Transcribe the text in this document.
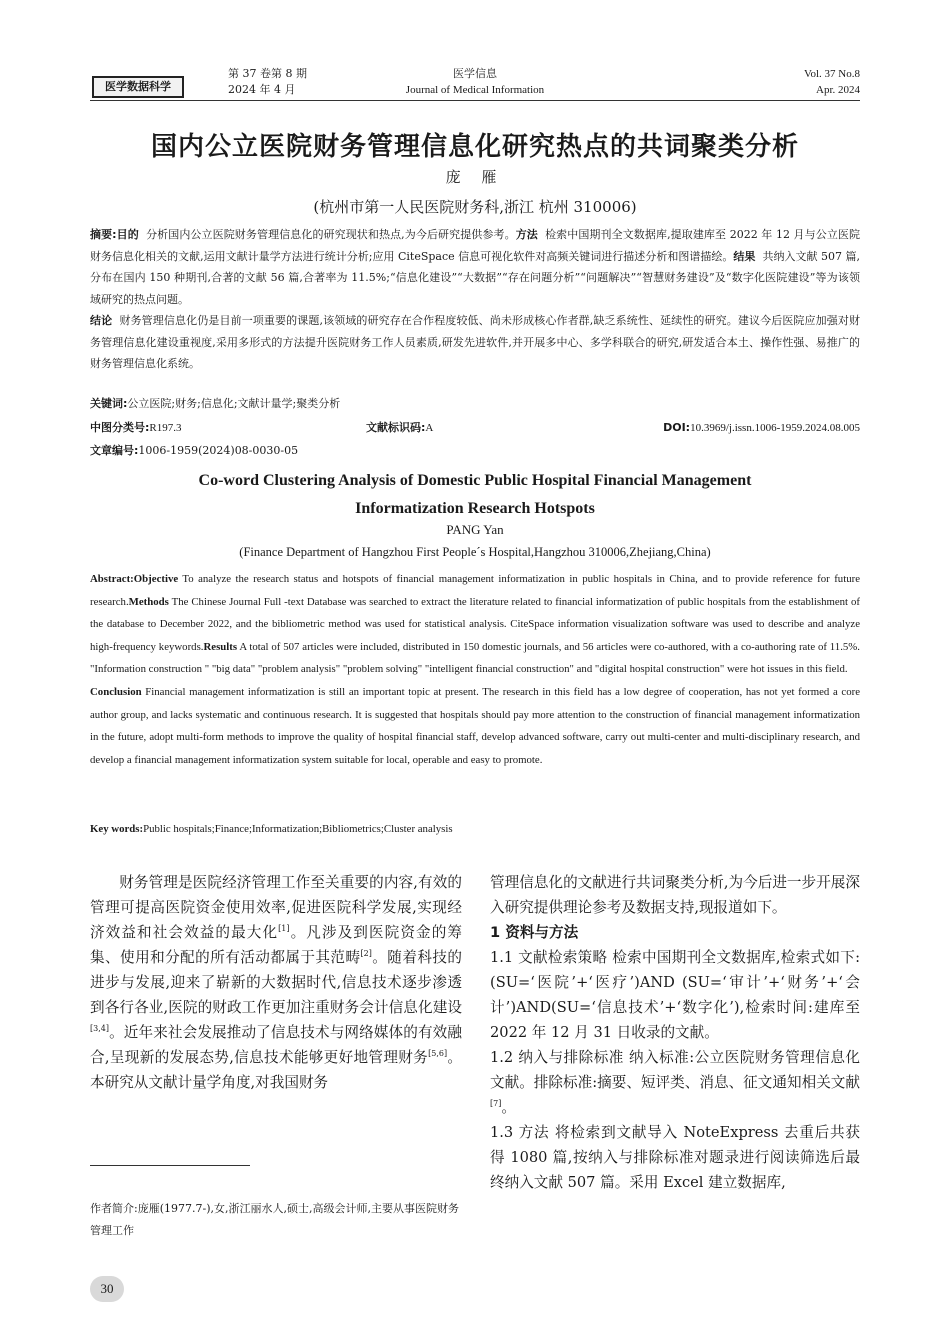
医学数据科学
第 37 卷第 8 期
2024 年 4 月
医学信息
Journal of Medical Information
Vol. 37 No.8
Apr. 2024
国内公立医院财务管理信息化研究热点的共词聚类分析
庞 雁
(杭州市第一人民医院财务科,浙江 杭州 310006)
摘要:目的 分析国内公立医院财务管理信息化的研究现状和热点,为今后研究提供参考。方法 检索中国期刊全文数据库,提取建库至 2022 年 12 月与公立医院财务信息化相关的文献,运用文献计量学方法进行统计分析;应用 CiteSpace 信息可视化软件对高频关键词进行描述分析和图谱描绘。结果 共纳入文献 507 篇,分布在国内 150 种期刊,合著的文献 56 篇,合著率为 11.5%;“信息化建设”“大数据”“存在问题分析”“问题解决”“智慧财务建设”及“数字化医院建设”等为该领域研究的热点问题。
结论 财务管理信息化仍是目前一项重要的课题,该领域的研究存在合作程度较低、尚未形成核心作者群,缺乏系统性、延续性的研究。建议今后医院应加强对财务管理信息化建设重视度,采用多形式的方法提升医院财务工作人员素质,研发先进软件,并开展多中心、多学科联合的研究,研发适合本土、操作性强、易推广的财务管理信息化系统。
关键词:公立医院;财务;信息化;文献计量学;聚类分析
中图分类号:R197.3	文献标识码:A	DOI:10.3969/j.issn.1006-1959.2024.08.005
文章编号:1006-1959(2024)08-0030-05
Co-word Clustering Analysis of Domestic Public Hospital Financial Management
Informatization Research Hotspots
PANG Yan
(Finance Department of Hangzhou First People´s Hospital,Hangzhou 310006,Zhejiang,China)
Abstract:Objective To analyze the research status and hotspots of financial management informatization in public hospitals in China, and to provide reference for future research.Methods The Chinese Journal Full -text Database was searched to extract the literature related to financial informatization of public hospitals from the establishment of the database to December 2022, and the bibliometric method was used for statistical analysis. CiteSpace information visualization software was used to describe and analyze high-frequency keywords.Results A total of 507 articles were included, distributed in 150 domestic journals, and 56 articles were co-authored, with a co-authoring rate of 11.5%. "Information construction " "big data" "problem analysis" "problem solving" "intelligent financial construction" and "digital hospital construction" were hot issues in this field.
Conclusion Financial management informatization is still an important topic at present. The research in this field has a low degree of cooperation, has not yet formed a core author group, and lacks systematic and continuous research. It is suggested that hospitals should pay more attention to the construction of financial management informatization in the future, adopt multi-form methods to improve the quality of hospital financial staff, develop advanced software, carry out multi-center and multi-disciplinary research, and develop a financial management informatization system suitable for local, operable and easy to promote.
Key words:Public hospitals;Finance;Informatization;Bibliometrics;Cluster analysis

财务管理是医院经济管理工作至关重要的内容,有效的管理可提高医院资金使用效率,促进医院科学发展,实现经济效益和社会效益的最大化[1]。凡涉及到医院资金的筹集、使用和分配的所有活动都属于其范畴[2]。随着科技的进步与发展,迎来了崭新的大数据时代,信息技术逐步渗透到各行各业,医院的财政工作更加注重财务会计信息化建设[3,4]。近年来社会发展推动了信息技术与网络媒体的有效融合,呈现新的发展态势,信息技术能够更好地管理财务[5,6]。本研究从文献计量学角度,对我国财务

管理信息化的文献进行共词聚类分析,为今后进一步开展深入研究提供理论参考及数据支持,现报道如下。

1 资料与方法

1.1 文献检索策略 检索中国期刊全文数据库,检索式如下:(SU=‘医院’+‘医疗’)AND (SU=‘审计’+‘财务’+‘会计’)AND(SU=‘信息技术’+‘数字化’),检索时间:建库至 2022 年 12 月 31 日收录的文献。

1.2 纳入与排除标准 纳入标准:公立医院财务管理信息化文献。排除标准:摘要、短评类、消息、征文通知相关文献[7]。

1.3 方法 将检索到文献导入 NoteExpress 去重后共获得 1080 篇,按纳入与排除标准对题录进行阅读筛选后最终纳入文献 507 篇。采用 Excel 建立数据库,

作者简介:庞雁(1977.7-),女,浙江丽水人,硕士,高级会计师,主要从事医院财务管理工作
30
